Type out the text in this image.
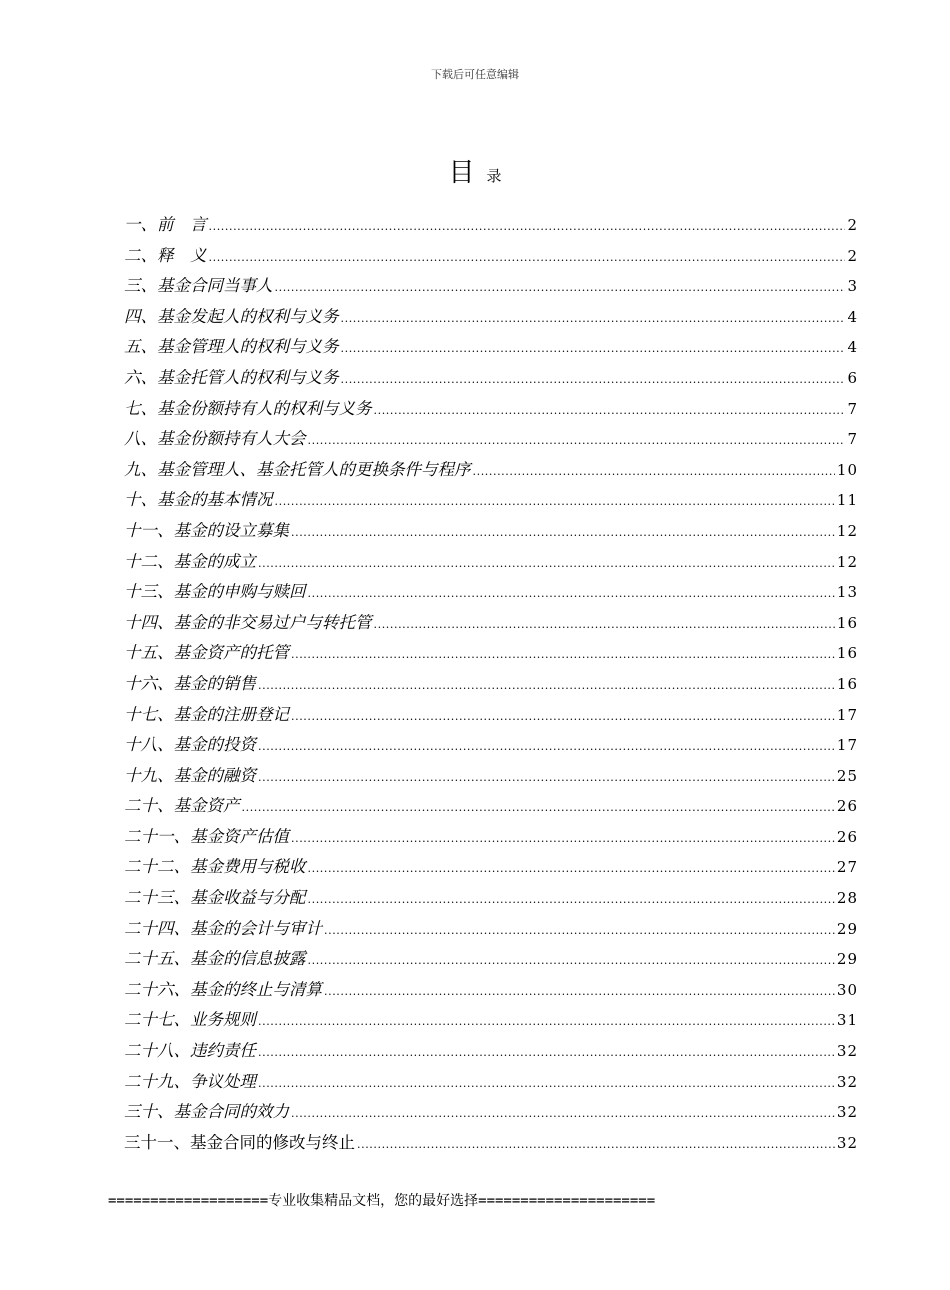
下载后可任意编辑
目录
一、前　言 .....	2
二、释　义 .....	2
三、基金合同当事人 .....	3
四、基金发起人的权利与义务 .....	4
五、基金管理人的权利与义务 .....	4
六、基金托管人的权利与义务 .....	6
七、基金份额持有人的权利与义务 .....	7
八、基金份额持有人大会 .....	7
九、基金管理人、基金托管人的更换条件与程序 .....	10
十、基金的基本情况 .....	11
十一、基金的设立募集 .....	12
十二、基金的成立 .....	12
十三、基金的申购与赎回 .....	13
十四、基金的非交易过户与转托管 .....	16
十五、基金资产的托管 .....	16
十六、基金的销售 .....	16
十七、基金的注册登记 .....	17
十八、基金的投资 .....	17
十九、基金的融资 .....	25
二十、基金资产 .....	26
二十一、基金资产估值 .....	26
二十二、基金费用与税收 .....	27
二十三、基金收益与分配 .....	28
二十四、基金的会计与审计 .....	29
二十五、基金的信息披露 .....	29
二十六、基金的终止与清算 .....	30
二十七、业务规则 .....	31
二十八、违约责任 .....	32
二十九、争议处理 .....	32
三十、基金合同的效力 .....	32
三十一、基金合同的修改与终止 .....	32
===================专业收集精品文档，您的最好选择=====================
